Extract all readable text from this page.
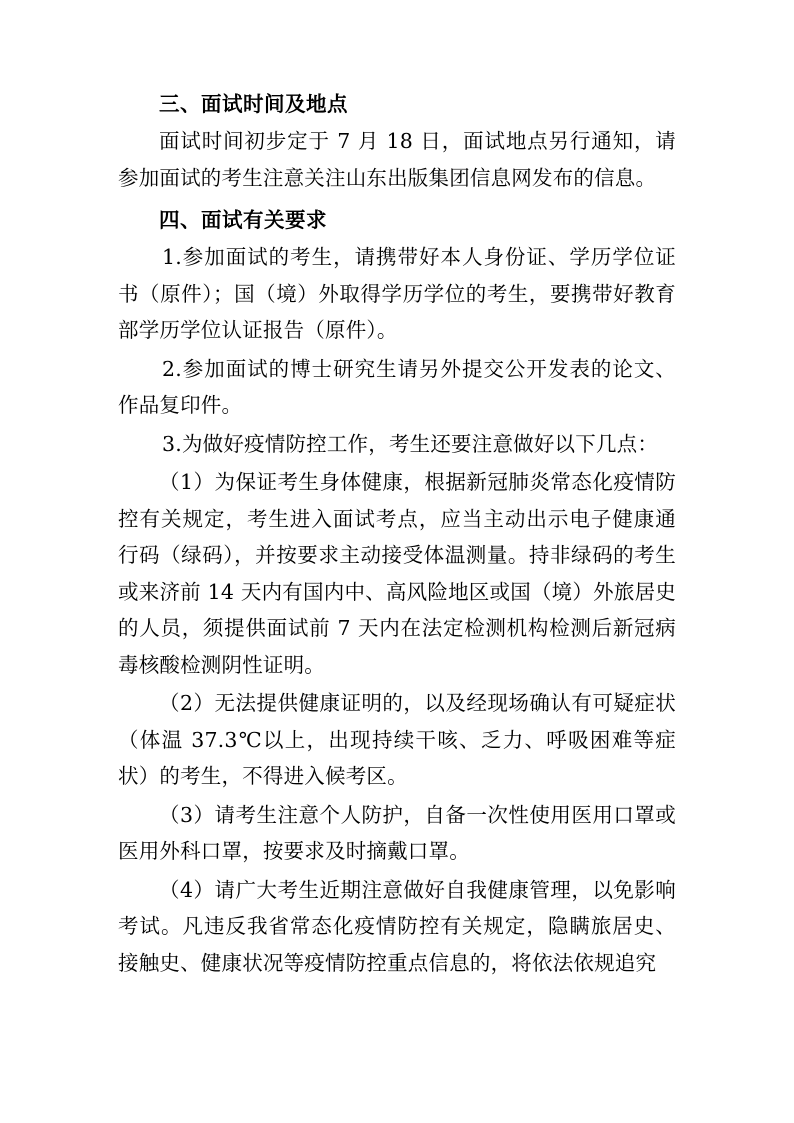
三、面试时间及地点

面试时间初步定于 7 月 18 日，面试地点另行通知，请参加面试的考生注意关注山东出版集团信息网发布的信息。

四、面试有关要求

1.参加面试的考生，请携带好本人身份证、学历学位证书（原件）；国（境）外取得学历学位的考生，要携带好教育部学历学位认证报告（原件）。

2.参加面试的博士研究生请另外提交公开发表的论文、作品复印件。

3.为做好疫情防控工作，考生还要注意做好以下几点：

（1）为保证考生身体健康，根据新冠肺炎常态化疫情防控有关规定，考生进入面试考点，应当主动出示电子健康通行码（绿码），并按要求主动接受体温测量。持非绿码的考生或来济前 14 天内有国内中、高风险地区或国（境）外旅居史的人员，须提供面试前 7 天内在法定检测机构检测后新冠病毒核酸检测阴性证明。

（2）无法提供健康证明的，以及经现场确认有可疑症状（体温 37.3℃以上，出现持续干咳、乏力、呼吸困难等症状）的考生，不得进入候考区。

（3）请考生注意个人防护，自备一次性使用医用口罩或医用外科口罩，按要求及时摘戴口罩。

（4）请广大考生近期注意做好自我健康管理，以免影响考试。凡违反我省常态化疫情防控有关规定，隐瞒旅居史、接触史、健康状况等疫情防控重点信息的，将依法依规追究
